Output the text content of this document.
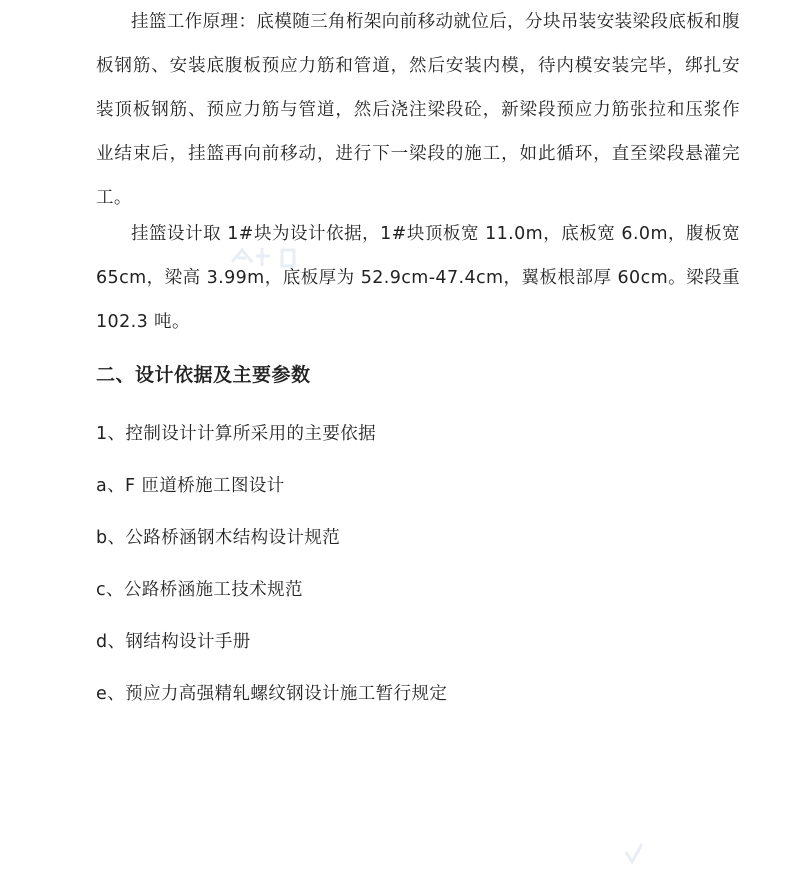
挂篮工作原理：底模随三角桁架向前移动就位后，分块吊装安装梁段底板和腹板钢筋、安装底腹板预应力筋和管道，然后安装内模，待内模安装完毕，绑扎安装顶板钢筋、预应力筋与管道，然后浇注梁段砼，新梁段预应力筋张拉和压浆作业结束后，挂篮再向前移动，进行下一梁段的施工，如此循环，直至梁段悬灌完工。

挂篮设计取 1#块为设计依据，1#块顶板宽 11.0m，底板宽 6.0m，腹板宽 65cm，梁高 3.99m，底板厚为 52.9cm-47.4cm，翼板根部厚 60cm。梁段重 102.3 吨。

二、设计依据及主要参数

1、控制设计计算所采用的主要依据

a、F 匝道桥施工图设计

b、公路桥涵钢木结构设计规范

c、公路桥涵施工技术规范

d、钢结构设计手册

e、预应力高强精轧螺纹钢设计施工暂行规定
